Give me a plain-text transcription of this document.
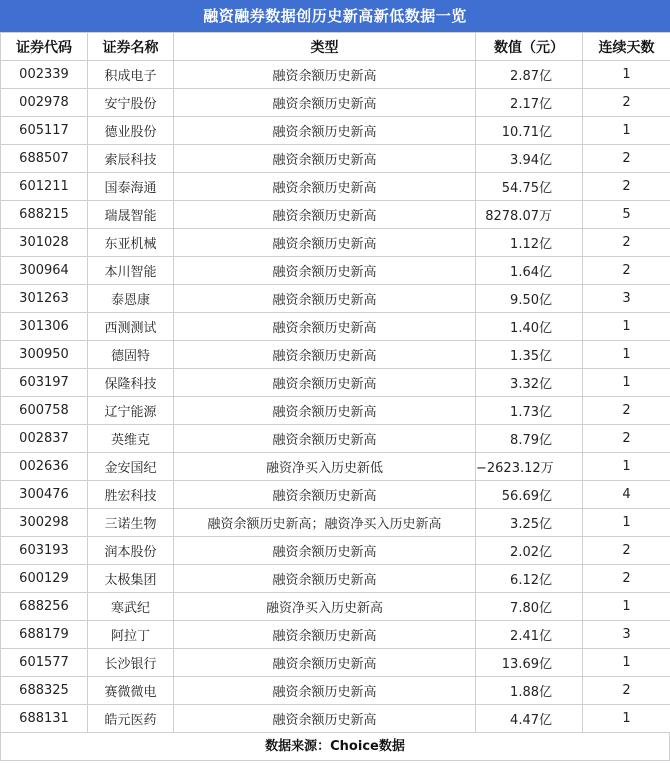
融资融券数据创历史新高新低数据一览
证券代码	证券名称	类型	数值（元）	连续天数
002339	积成电子	融资余额历史新高	2.87亿	1
002978	安宁股份	融资余额历史新高	2.17亿	2
605117	德业股份	融资余额历史新高	10.71亿	1
688507	索辰科技	融资余额历史新高	3.94亿	2
601211	国泰海通	融资余额历史新高	54.75亿	2
688215	瑞晟智能	融资余额历史新高	8278.07万	5
301028	东亚机械	融资余额历史新高	1.12亿	2
300964	本川智能	融资余额历史新高	1.64亿	2
301263	泰恩康	融资余额历史新高	9.50亿	3
301306	西测测试	融资余额历史新高	1.40亿	1
300950	德固特	融资余额历史新高	1.35亿	1
603197	保隆科技	融资余额历史新高	3.32亿	1
600758	辽宁能源	融资余额历史新高	1.73亿	2
002837	英维克	融资余额历史新高	8.79亿	2
002636	金安国纪	融资净买入历史新低	−2623.12万	1
300476	胜宏科技	融资余额历史新高	56.69亿	4
300298	三诺生物	融资余额历史新高；融资净买入历史新高	3.25亿	1
603193	润本股份	融资余额历史新高	2.02亿	2
600129	太极集团	融资余额历史新高	6.12亿	2
688256	寒武纪	融资净买入历史新高	7.80亿	1
688179	阿拉丁	融资余额历史新高	2.41亿	3
601577	长沙银行	融资余额历史新高	13.69亿	1
688325	赛微微电	融资余额历史新高	1.88亿	2
688131	皓元医药	融资余额历史新高	4.47亿	1
数据来源：Choice数据
